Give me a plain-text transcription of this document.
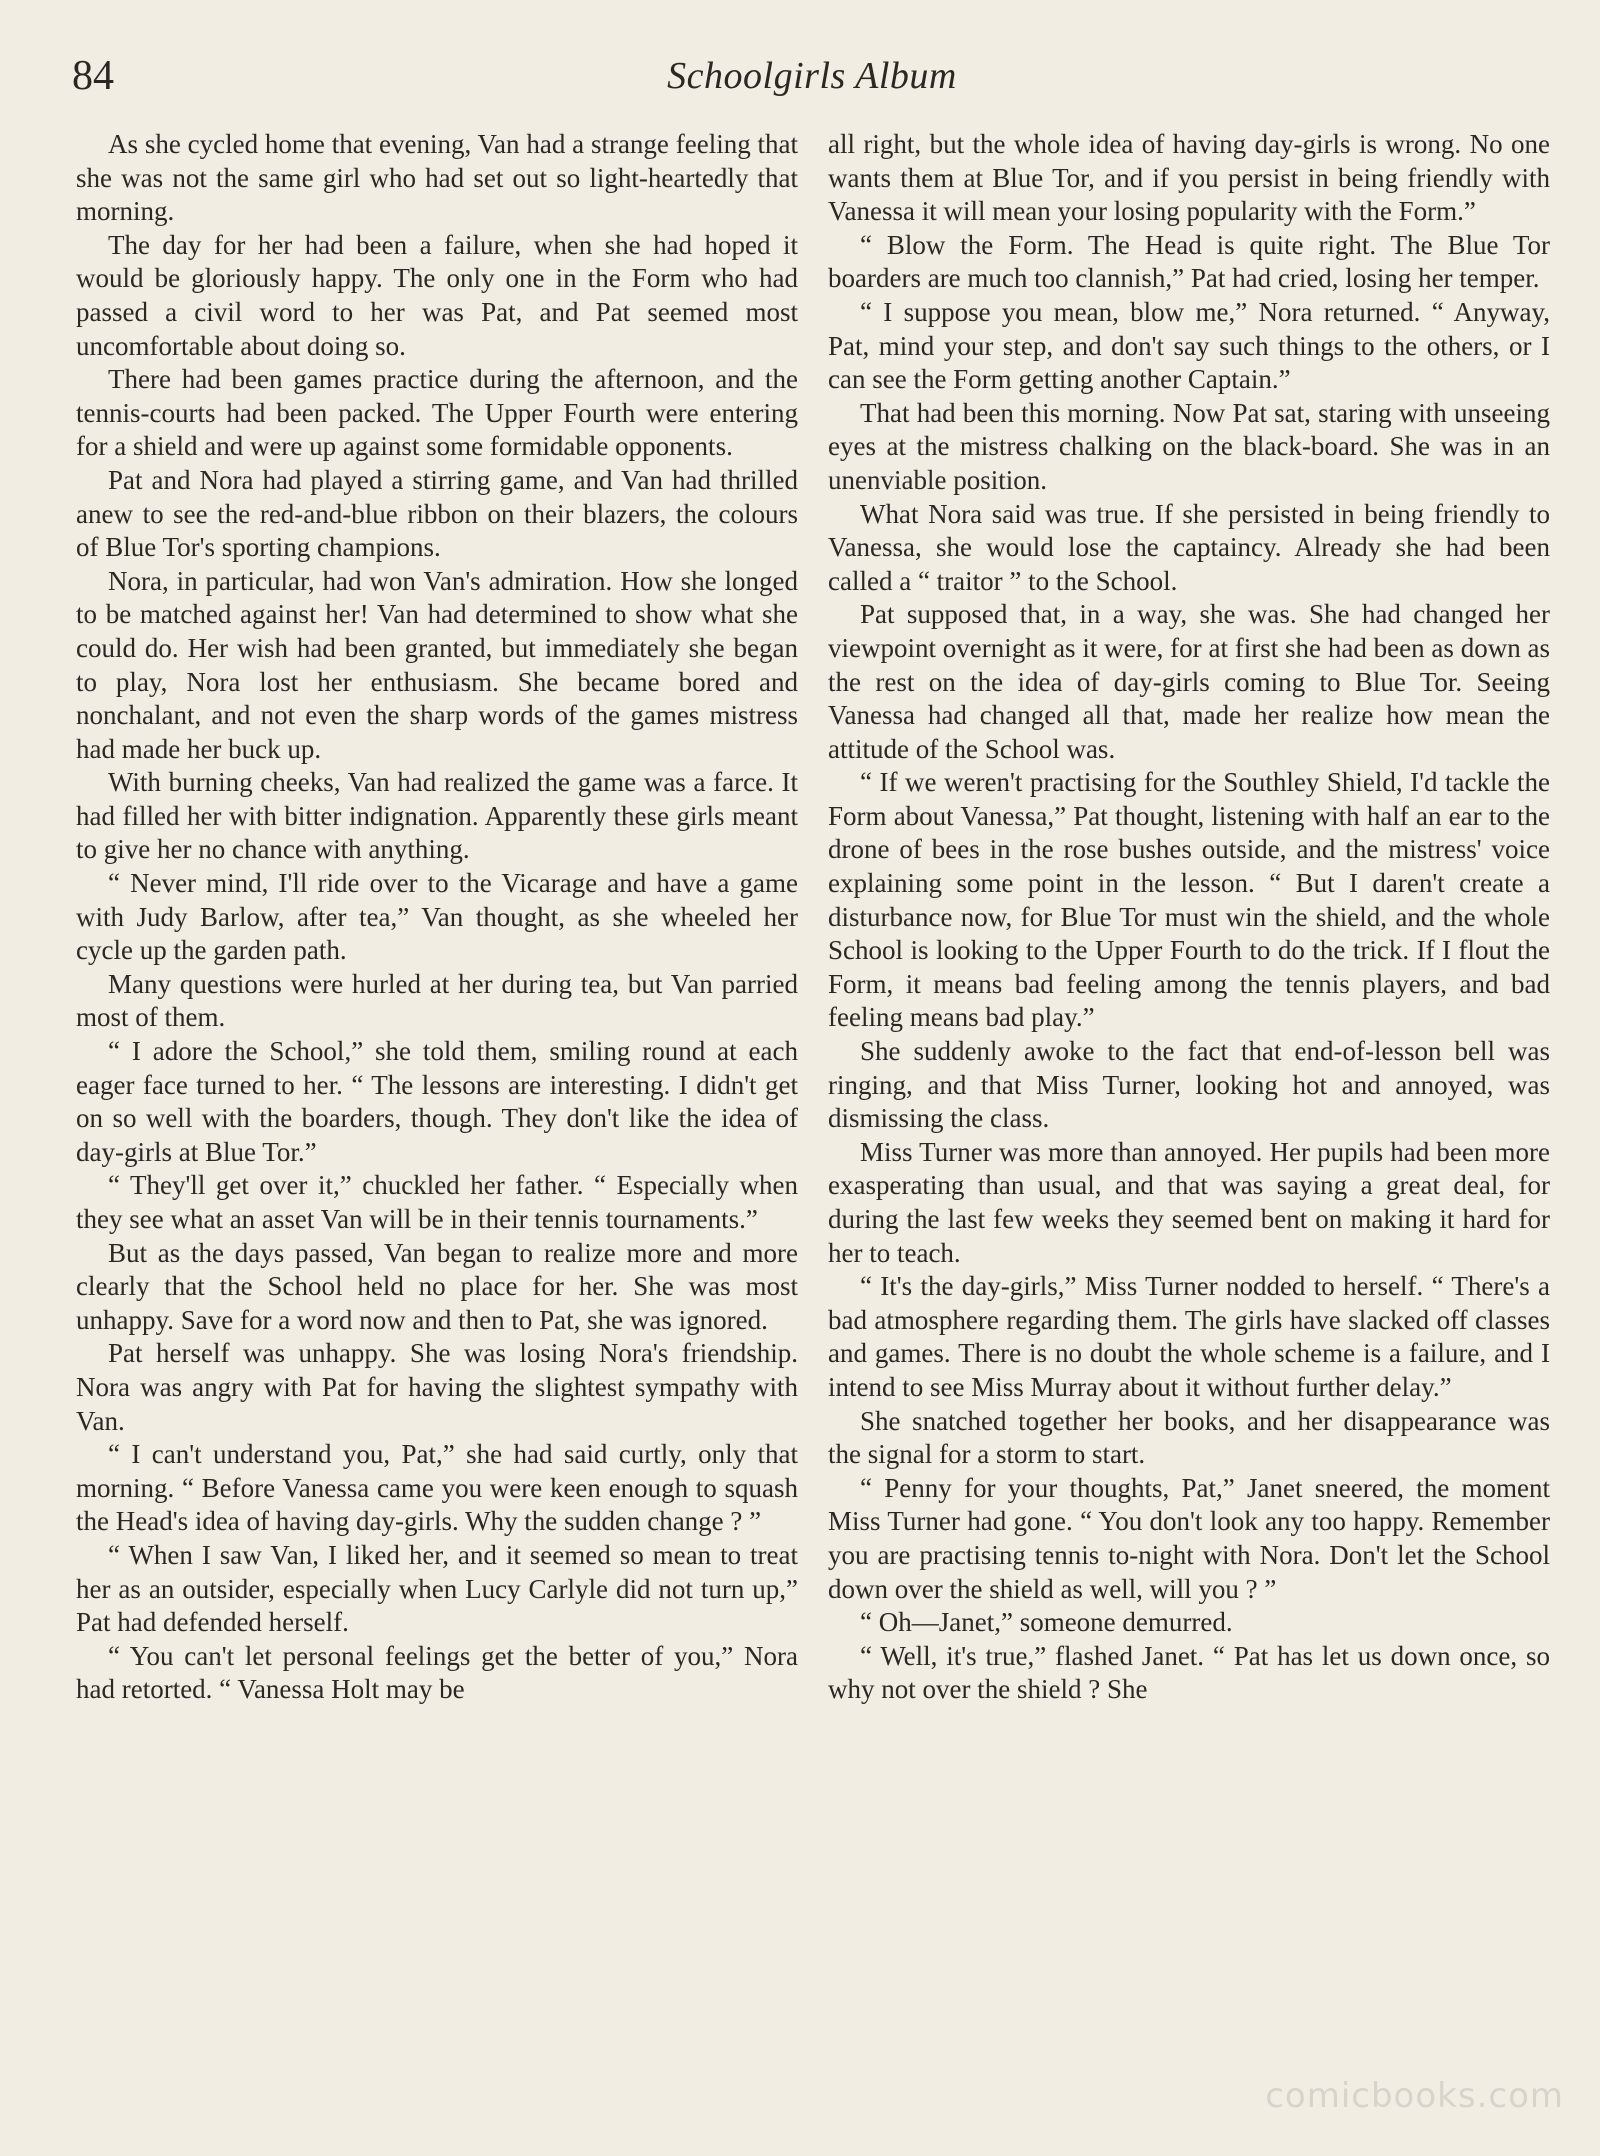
84	Schoolgirls Album

As she cycled home that evening, Van had a strange feeling that she was not the same girl who had set out so light-heartedly that morning.

The day for her had been a failure, when she had hoped it would be gloriously happy. The only one in the Form who had passed a civil word to her was Pat, and Pat seemed most uncomfortable about doing so.

There had been games practice during the afternoon, and the tennis-courts had been packed. The Upper Fourth were entering for a shield and were up against some formidable opponents.

Pat and Nora had played a stirring game, and Van had thrilled anew to see the red-and-blue ribbon on their blazers, the colours of Blue Tor's sporting champions.

Nora, in particular, had won Van's admiration. How she longed to be matched against her! Van had determined to show what she could do. Her wish had been granted, but immediately she began to play, Nora lost her enthusiasm. She became bored and nonchalant, and not even the sharp words of the games mistress had made her buck up.

With burning cheeks, Van had realized the game was a farce. It had filled her with bitter indignation. Apparently these girls meant to give her no chance with anything.

“ Never mind, I'll ride over to the Vicarage and have a game with Judy Barlow, after tea,” Van thought, as she wheeled her cycle up the garden path.

Many questions were hurled at her during tea, but Van parried most of them.

“ I adore the School,” she told them, smiling round at each eager face turned to her. “ The lessons are interesting. I didn't get on so well with the boarders, though. They don't like the idea of day-girls at Blue Tor.”

“ They'll get over it,” chuckled her father. “ Especially when they see what an asset Van will be in their tennis tournaments.”

But as the days passed, Van began to realize more and more clearly that the School held no place for her. She was most unhappy. Save for a word now and then to Pat, she was ignored.

Pat herself was unhappy. She was losing Nora's friendship. Nora was angry with Pat for having the slightest sympathy with Van.

“ I can't understand you, Pat,” she had said curtly, only that morning. “ Before Vanessa came you were keen enough to squash the Head's idea of having day-girls. Why the sudden change ? ”

“ When I saw Van, I liked her, and it seemed so mean to treat her as an outsider, especially when Lucy Carlyle did not turn up,” Pat had defended herself.

“ You can't let personal feelings get the better of you,” Nora had retorted. “ Vanessa Holt may be

all right, but the whole idea of having day-girls is wrong. No one wants them at Blue Tor, and if you persist in being friendly with Vanessa it will mean your losing popularity with the Form.”

“ Blow the Form. The Head is quite right. The Blue Tor boarders are much too clannish,” Pat had cried, losing her temper.

“ I suppose you mean, blow me,” Nora returned. “ Anyway, Pat, mind your step, and don't say such things to the others, or I can see the Form getting another Captain.”

That had been this morning. Now Pat sat, staring with unseeing eyes at the mistress chalking on the black-board. She was in an unenviable position.

What Nora said was true. If she persisted in being friendly to Vanessa, she would lose the captaincy. Already she had been called a “ traitor ” to the School.

Pat supposed that, in a way, she was. She had changed her viewpoint overnight as it were, for at first she had been as down as the rest on the idea of day-girls coming to Blue Tor. Seeing Vanessa had changed all that, made her realize how mean the attitude of the School was.

“ If we weren't practising for the Southley Shield, I'd tackle the Form about Vanessa,” Pat thought, listening with half an ear to the drone of bees in the rose bushes outside, and the mistress' voice explaining some point in the lesson. “ But I daren't create a disturbance now, for Blue Tor must win the shield, and the whole School is looking to the Upper Fourth to do the trick. If I flout the Form, it means bad feeling among the tennis players, and bad feeling means bad play.”

She suddenly awoke to the fact that end-of-lesson bell was ringing, and that Miss Turner, looking hot and annoyed, was dismissing the class.

Miss Turner was more than annoyed. Her pupils had been more exasperating than usual, and that was saying a great deal, for during the last few weeks they seemed bent on making it hard for her to teach.

“ It's the day-girls,” Miss Turner nodded to herself. “ There's a bad atmosphere regarding them. The girls have slacked off classes and games. There is no doubt the whole scheme is a failure, and I intend to see Miss Murray about it without further delay.”

She snatched together her books, and her disappearance was the signal for a storm to start.

“ Penny for your thoughts, Pat,” Janet sneered, the moment Miss Turner had gone. “ You don't look any too happy. Remember you are practising tennis to-night with Nora. Don't let the School down over the shield as well, will you ? ”

“ Oh—Janet,” someone demurred.

“ Well, it's true,” flashed Janet. “ Pat has let us down once, so why not over the shield ? She

comicbooks.com
